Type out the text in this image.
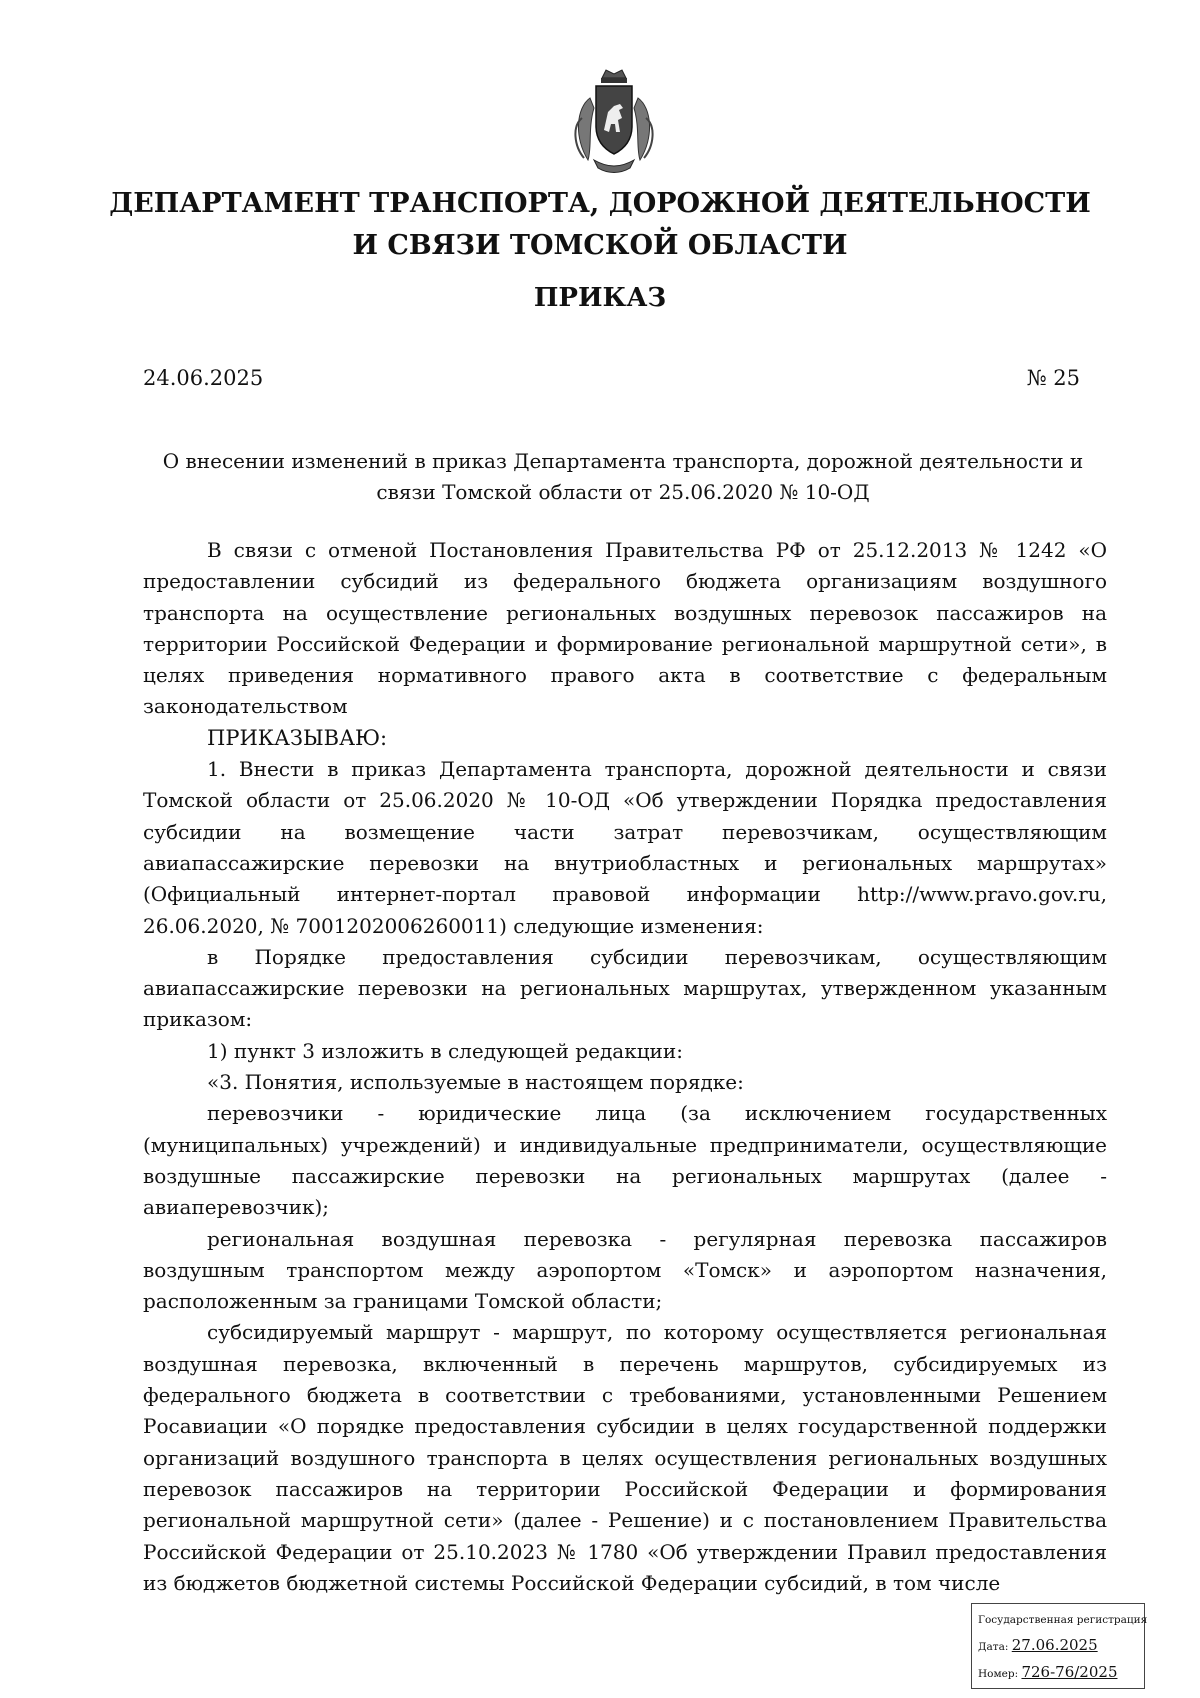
ДЕПАРТАМЕНТ ТРАНСПОРТА, ДОРОЖНОЙ ДЕЯТЕЛЬНОСТИ
И СВЯЗИ ТОМСКОЙ ОБЛАСТИ
ПРИКАЗ
24.06.2025	№ 25
О внесении изменений в приказ Департамента транспорта, дорожной деятельности и
связи Томской области от 25.06.2020 № 10-ОД

В связи с отменой Постановления Правительства РФ от 25.12.2013 № 1242 «О предоставлении субсидий из федерального бюджета организациям воздушного транспорта на осуществление региональных воздушных перевозок пассажиров на территории Российской Федерации и формирование региональной маршрутной сети», в целях приведения нормативного правого акта в соответствие с федеральным законодательством

ПРИКАЗЫВАЮ:

1. Внести в приказ Департамента транспорта, дорожной деятельности и связи Томской области от 25.06.2020 № 10-ОД «Об утверждении Порядка предоставления субсидии на возмещение части затрат перевозчикам, осуществляющим авиапассажирские перевозки на внутриобластных и региональных маршрутах» (Официальный интернет-портал правовой информации http://www.pravo.gov.ru, 26.06.2020, № 7001202006260011) следующие изменения:

в Порядке предоставления субсидии перевозчикам, осуществляющим авиапассажирские перевозки на региональных маршрутах, утвержденном указанным приказом:

1) пункт 3 изложить в следующей редакции:

«3. Понятия, используемые в настоящем порядке:

перевозчики - юридические лица (за исключением государственных (муниципальных) учреждений) и индивидуальные предприниматели, осуществляющие воздушные пассажирские перевозки на региональных маршрутах (далее - авиаперевозчик);

региональная воздушная перевозка - регулярная перевозка пассажиров воздушным транспортом между аэропортом «Томск» и аэропортом назначения, расположенным за границами Томской области;

субсидируемый маршрут - маршрут, по которому осуществляется региональная воздушная перевозка, включенный в перечень маршрутов, субсидируемых из федерального бюджета в соответствии с требованиями, установленными Решением Росавиации «О порядке предоставления субсидии в целях государственной поддержки организаций воздушного транспорта в целях осуществления региональных воздушных перевозок пассажиров на территории Российской Федерации и формирования региональной маршрутной сети» (далее - Решение) и с постановлением Правительства Российской Федерации от 25.10.2023 № 1780 «Об утверждении Правил предоставления из бюджетов бюджетной системы Российской Федерации субсидий, в том числе

Государственная регистрация
Дата: 27.06.2025
Номер: 726-76/2025
